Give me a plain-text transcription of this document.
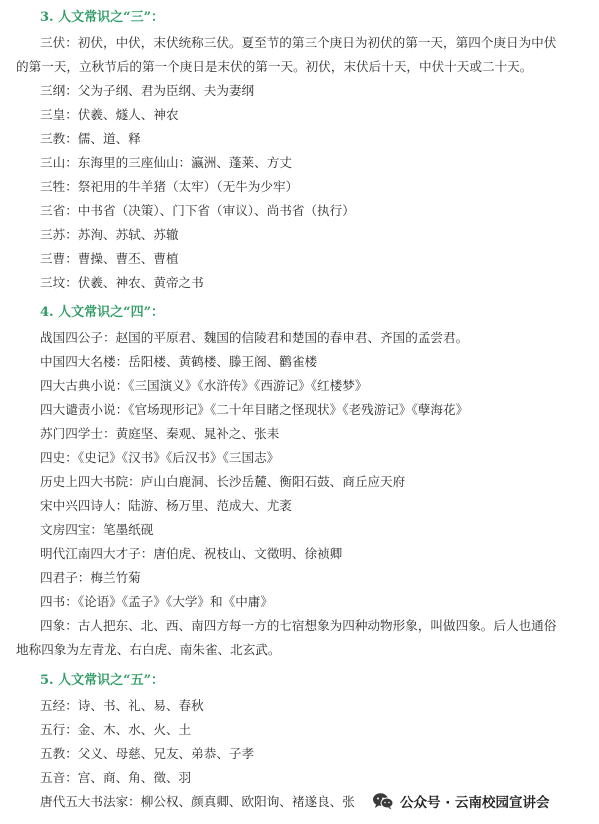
3. 人文常识之“三”：
三伏：初伏，中伏，末伏统称三伏。夏至节的第三个庚日为初伏的第一天，第四个庚日为中伏
的第一天，立秋节后的第一个庚日是末伏的第一天。初伏，末伏后十天，中伏十天或二十天。
三纲：父为子纲、君为臣纲、夫为妻纲
三皇：伏羲、燧人、神农
三教：儒、道、释
三山：东海里的三座仙山：瀛洲、蓬莱、方丈
三牲：祭祀用的牛羊猪（太牢）（无牛为少牢）
三省：中书省（决策）、门下省（审议）、尚书省（执行）
三苏：苏洵、苏轼、苏辙
三曹：曹操、曹丕、曹植
三坟：伏羲、神农、黄帝之书
4. 人文常识之“四”：
战国四公子：赵国的平原君、魏国的信陵君和楚国的春申君、齐国的孟尝君。
中国四大名楼：岳阳楼、黄鹤楼、滕王阁、鹳雀楼
四大古典小说：《三国演义》《水浒传》《西游记》《红楼梦》
四大谴责小说：《官场现形记》《二十年目睹之怪现状》《老残游记》《孽海花》
苏门四学士：黄庭坚、秦观、晁补之、张耒
四史：《史记》《汉书》《后汉书》《三国志》
历史上四大书院：庐山白鹿洞、长沙岳麓、衡阳石鼓、商丘应天府
宋中兴四诗人：陆游、杨万里、范成大、尤袤
文房四宝：笔墨纸砚
明代江南四大才子：唐伯虎、祝枝山、文徵明、徐祯卿
四君子：梅兰竹菊
四书：《论语》《孟子》《大学》和《中庸》
四象：古人把东、北、西、南四方每一方的七宿想象为四种动物形象，叫做四象。后人也通俗
地称四象为左青龙、右白虎、南朱雀、北玄武。
5. 人文常识之“五”：
五经：诗、书、礼、易、春秋
五行：金、木、水、火、土
五教：父义、母慈、兄友、弟恭、子孝
五音：宫、商、角、徵、羽
唐代五大书法家：柳公权、颜真卿、欧阳询、褚遂良、张	公众号 · 云南校园宣讲会
